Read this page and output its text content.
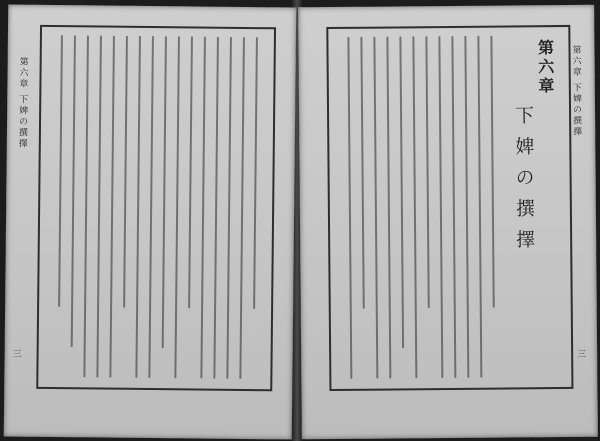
第六章 下婢の撰擇
三
第六章 下婢の撰擇
第六章
下婢の撰擇
三
